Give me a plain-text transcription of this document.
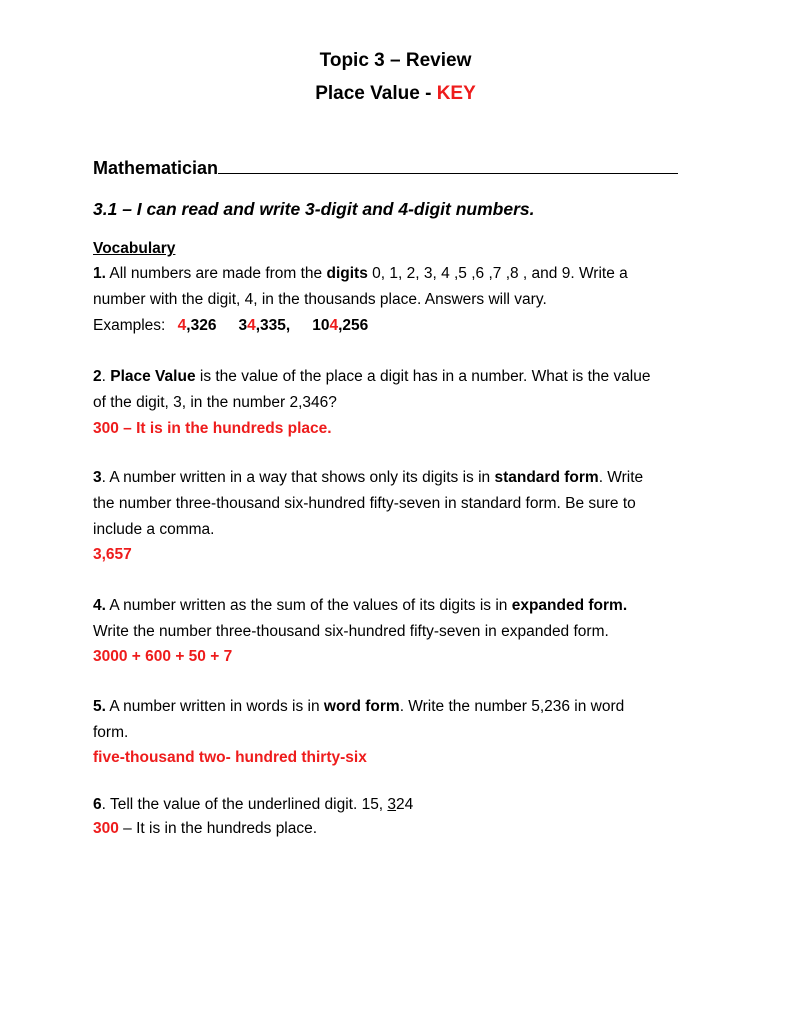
Topic 3 – Review
Place Value - KEY
Mathematician
3.1 – I can read and write 3-digit and 4-digit numbers.
Vocabulary
1. All numbers are made from the digits 0, 1, 2, 3, 4 ,5 ,6 ,7 ,8 , and 9. Write a
number with the digit, 4, in the thousands place. Answers will vary.
Examples: 4,326 34,335, 104,256
2. Place Value is the value of the place a digit has in a number. What is the value
of the digit, 3, in the number 2,346?
300 – It is in the hundreds place.
3. A number written in a way that shows only its digits is in standard form. Write
the number three-thousand six-hundred fifty-seven in standard form. Be sure to
include a comma.
3,657
4. A number written as the sum of the values of its digits is in expanded form.
Write the number three-thousand six-hundred fifty-seven in expanded form.
3000 + 600 + 50 + 7
5. A number written in words is in word form. Write the number 5,236 in word
form.
five-thousand two- hundred thirty-six
6. Tell the value of the underlined digit. 15, 324
300 – It is in the hundreds place.
